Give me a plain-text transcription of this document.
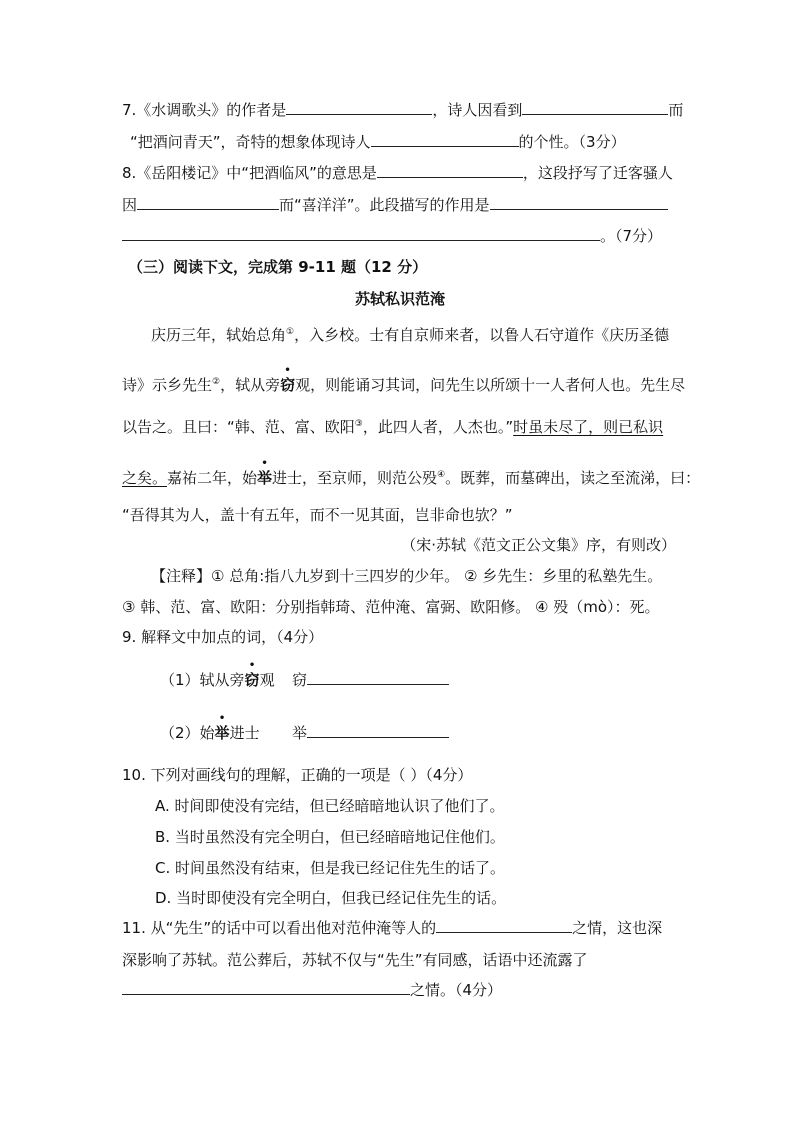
7.《水调歌头》的作者是	，诗人因看到	而
“把酒问青天”，奇特的想象体现诗人	的个性。（3分）
8.《岳阳楼记》中“把酒临风”的意思是	，这段抒写了迁客骚人
因	而“喜洋洋”。此段描写的作用是
。（7分）
（三）阅读下文，完成第 9-11 题（12 分）
苏轼私识范淹
庆历三年，轼始总角①，入乡校。士有自京师来者，以鲁人石守道作《庆历圣德
诗》示乡先生②，轼从旁窃观，则能诵习其词，问先生以所颂十一人者何人也。先生尽
以告之。且曰：“韩、范、富、欧阳③，此四人者，人杰也。”时虽未尽了，则已私识
之矣。嘉祐二年，始举进士，至京师，则范公殁④。既葬，而墓碑出，读之至流涕，曰：
“吾得其为人，盖十有五年，而不一见其面，岂非命也欤？”
（宋·苏轼《范文正公文集》序，有则改）
【注释】① 总角:指八九岁到十三四岁的少年。 ② 乡先生：乡里的私塾先生。
③ 韩、范、富、欧阳：分别指韩琦、范仲淹、富弼、欧阳修。 ④ 殁（mò）：死。
9. 解释文中加点的词，（4分）
（1）轼从旁窃观 窃
（2）始举进士 举
10. 下列对画线句的理解，正确的一项是（ ）（4分）
A. 时间即使没有完结，但已经暗暗地认识了他们了。
B. 当时虽然没有完全明白，但已经暗暗地记住他们。
C. 时间虽然没有结束，但是我已经记住先生的话了。
D. 当时即使没有完全明白，但我已经记住先生的话。
11. 从“先生”的话中可以看出他对范仲淹等人的	之情，这也深
深影响了苏轼。范公葬后，苏轼不仅与“先生”有同感，话语中还流露了
之情。（4分）
